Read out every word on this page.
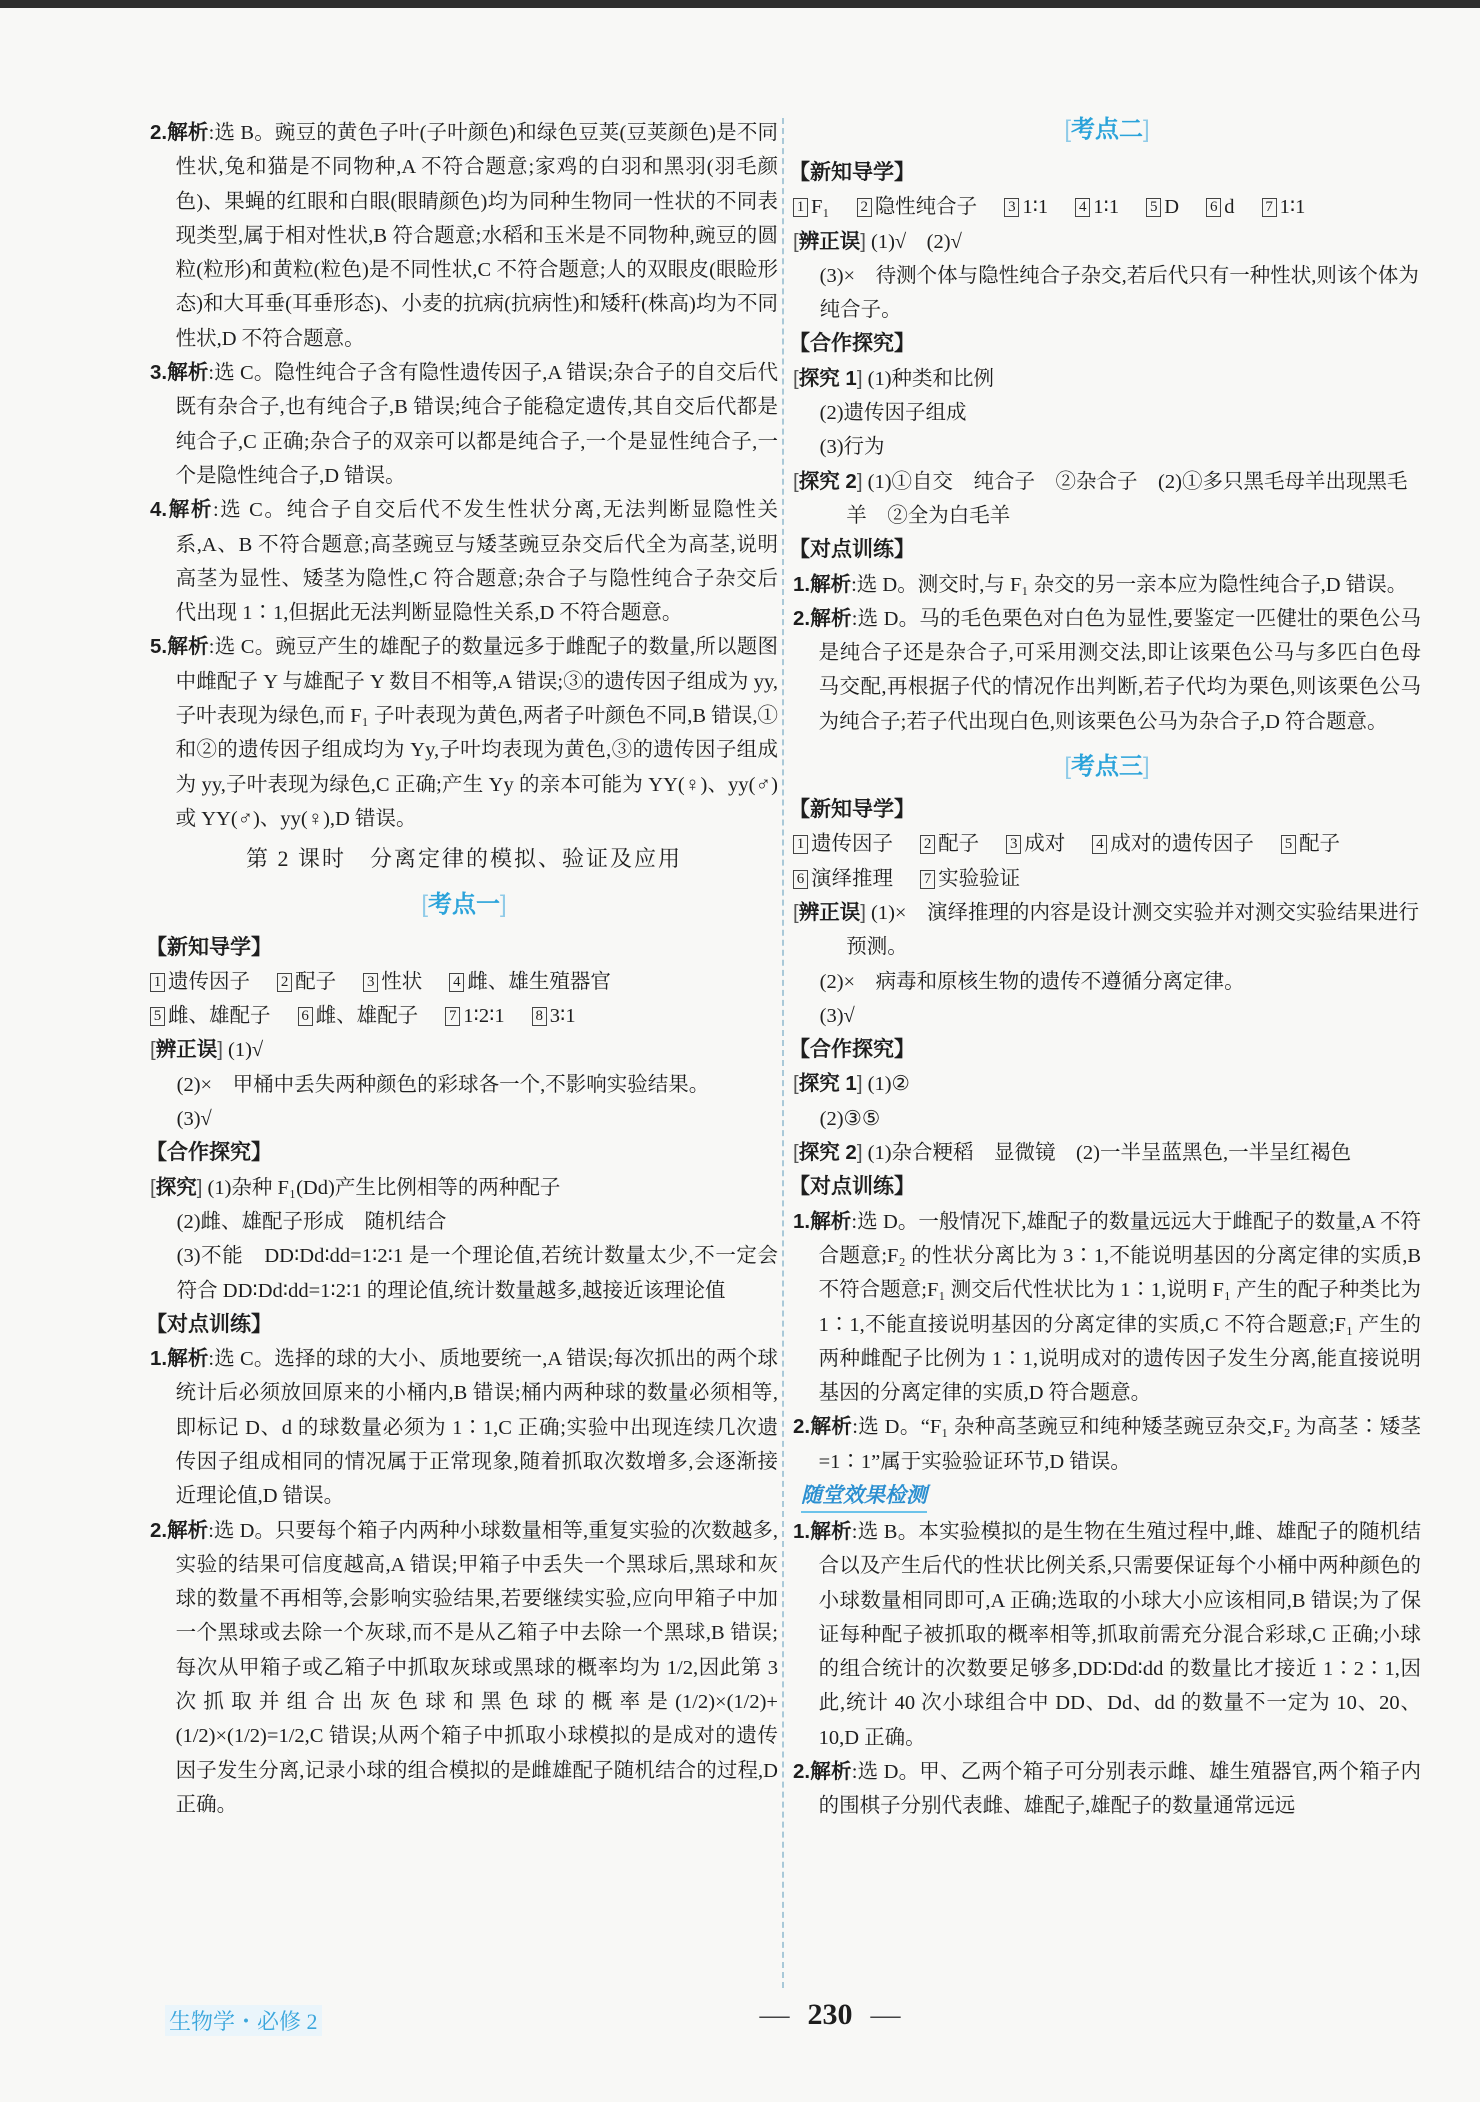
2.解析:选 B。豌豆的黄色子叶(子叶颜色)和绿色豆荚(豆荚颜色)是不同性状,兔和猫是不同物种,A 不符合题意;家鸡的白羽和黑羽(羽毛颜色)、果蝇的红眼和白眼(眼睛颜色)均为同种生物同一性状的不同表现类型,属于相对性状,B 符合题意;水稻和玉米是不同物种,豌豆的圆粒(粒形)和黄粒(粒色)是不同性状,C 不符合题意;人的双眼皮(眼睑形态)和大耳垂(耳垂形态)、小麦的抗病(抗病性)和矮秆(株高)均为不同性状,D 不符合题意。
3.解析:选 C。隐性纯合子含有隐性遗传因子,A 错误;杂合子的自交后代既有杂合子,也有纯合子,B 错误;纯合子能稳定遗传,其自交后代都是纯合子,C 正确;杂合子的双亲可以都是纯合子,一个是显性纯合子,一个是隐性纯合子,D 错误。
4.解析:选 C。纯合子自交后代不发生性状分离,无法判断显隐性关系,A、B 不符合题意;高茎豌豆与矮茎豌豆杂交后代全为高茎,说明高茎为显性、矮茎为隐性,C 符合题意;杂合子与隐性纯合子杂交后代出现 1∶1,但据此无法判断显隐性关系,D 不符合题意。
5.解析:选 C。豌豆产生的雄配子的数量远多于雌配子的数量,所以题图中雌配子 Y 与雄配子 Y 数目不相等,A 错误;③的遗传因子组成为 yy,子叶表现为绿色,而 F₁ 子叶表现为黄色,两者子叶颜色不同,B 错误,①和②的遗传因子组成均为 Yy,子叶均表现为黄色,③的遗传因子组成为 yy,子叶表现为绿色,C 正确;产生 Yy 的亲本可能为 YY(♀)、yy(♂)或 YY(♂)、yy(♀),D 错误。
第 2 课时　分离定律的模拟、验证及应用
[考点一]
【新知导学】
1 遗传因子 2 配子 3 性状 4 雌、雄生殖器官 5 雌、雄配子 6 雌、雄配子 7 1∶2∶1 8 3∶1
[辨正误] (1)√
(2)×　甲桶中丢失两种颜色的彩球各一个,不影响实验结果。
(3)√
【合作探究】
[探究] (1)杂种 F₁(Dd)产生比例相等的两种配子
(2)雌、雄配子形成　随机结合
(3)不能　DD∶Dd∶dd=1∶2∶1 是一个理论值,若统计数量太少,不一定会符合 DD∶Dd∶dd=1∶2∶1 的理论值,统计数量越多,越接近该理论值
【对点训练】
1.解析:选 C。选择的球的大小、质地要统一,A 错误;每次抓出的两个球统计后必须放回原来的小桶内,B 错误;桶内两种球的数量必须相等,即标记 D、d 的球数量必须为 1∶1,C 正确;实验中出现连续几次遗传因子组成相同的情况属于正常现象,随着抓取次数增多,会逐渐接近理论值,D 错误。
2.解析:选 D。只要每个箱子内两种小球数量相等,重复实验的次数越多,实验的结果可信度越高,A 错误;甲箱子中丢失一个黑球后,黑球和灰球的数量不再相等,会影响实验结果,若要继续实验,应向甲箱子中加一个黑球或去除一个灰球,而不是从乙箱子中去除一个黑球,B 错误;每次从甲箱子或乙箱子中抓取灰球或黑球的概率均为 1/2,因此第 3 次抓取并组合出灰色球和黑色球的概率是(1/2)×(1/2)+(1/2)×(1/2)=1/2,C 错误;从两个箱子中抓取小球模拟的是成对的遗传因子发生分离,记录小球的组合模拟的是雌雄配子随机结合的过程,D 正确。
[考点二]
【新知导学】
1 F₁ 2 隐性纯合子 3 1∶1 4 1∶1 5 D 6 d 7 1∶1
[辨正误] (1)√　(2)√
(3)×　待测个体与隐性纯合子杂交,若后代只有一种性状,则该个体为纯合子。
【合作探究】
[探究 1] (1)种类和比例
(2)遗传因子组成
(3)行为
[探究 2] (1)①自交　纯合子　②杂合子　(2)①多只黑毛母羊出现黑毛羊　②全为白毛羊
【对点训练】
1.解析:选 D。测交时,与 F₁ 杂交的另一亲本应为隐性纯合子,D 错误。
2.解析:选 D。马的毛色栗色对白色为显性,要鉴定一匹健壮的栗色公马是纯合子还是杂合子,可采用测交法,即让该栗色公马与多匹白色母马交配,再根据子代的情况作出判断,若子代均为栗色,则该栗色公马为纯合子;若子代出现白色,则该栗色公马为杂合子,D 符合题意。
[考点三]
【新知导学】
1 遗传因子 2 配子 3 成对 4 成对的遗传因子 5 配子 6 演绎推理 7 实验验证
[辨正误] (1)×　演绎推理的内容是设计测交实验并对测交实验结果进行预测。
(2)×　病毒和原核生物的遗传不遵循分离定律。
(3)√
【合作探究】
[探究 1] (1)②
(2)③⑤
[探究 2] (1)杂合粳稻　显微镜　(2)一半呈蓝黑色,一半呈红褐色
【对点训练】
1.解析:选 D。一般情况下,雄配子的数量远远大于雌配子的数量,A 不符合题意;F₂ 的性状分离比为 3∶1,不能说明基因的分离定律的实质,B 不符合题意;F₁ 测交后代性状比为 1∶1,说明 F₁ 产生的配子种类比为 1∶1,不能直接说明基因的分离定律的实质,C 不符合题意;F₁ 产生的两种雌配子比例为 1∶1,说明成对的遗传因子发生分离,能直接说明基因的分离定律的实质,D 符合题意。
2.解析:选 D。“F₁ 杂种高茎豌豆和纯种矮茎豌豆杂交,F₂ 为高茎∶矮茎=1∶1”属于实验验证环节,D 错误。
随堂效果检测
1.解析:选 B。本实验模拟的是生物在生殖过程中,雌、雄配子的随机结合以及产生后代的性状比例关系,只需要保证每个小桶中两种颜色的小球数量相同即可,A 正确;选取的小球大小应该相同,B 错误;为了保证每种配子被抓取的概率相等,抓取前需充分混合彩球,C 正确;小球的组合统计的次数要足够多,DD∶Dd∶dd 的数量比才接近 1∶2∶1,因此,统计 40 次小球组合中 DD、Dd、dd 的数量不一定为 10、20、10,D 正确。
2.解析:选 D。甲、乙两个箱子可分别表示雌、雄生殖器官,两个箱子内的围棋子分别代表雌、雄配子,雄配子的数量通常远远
生物学・必修 2	— 230 —
